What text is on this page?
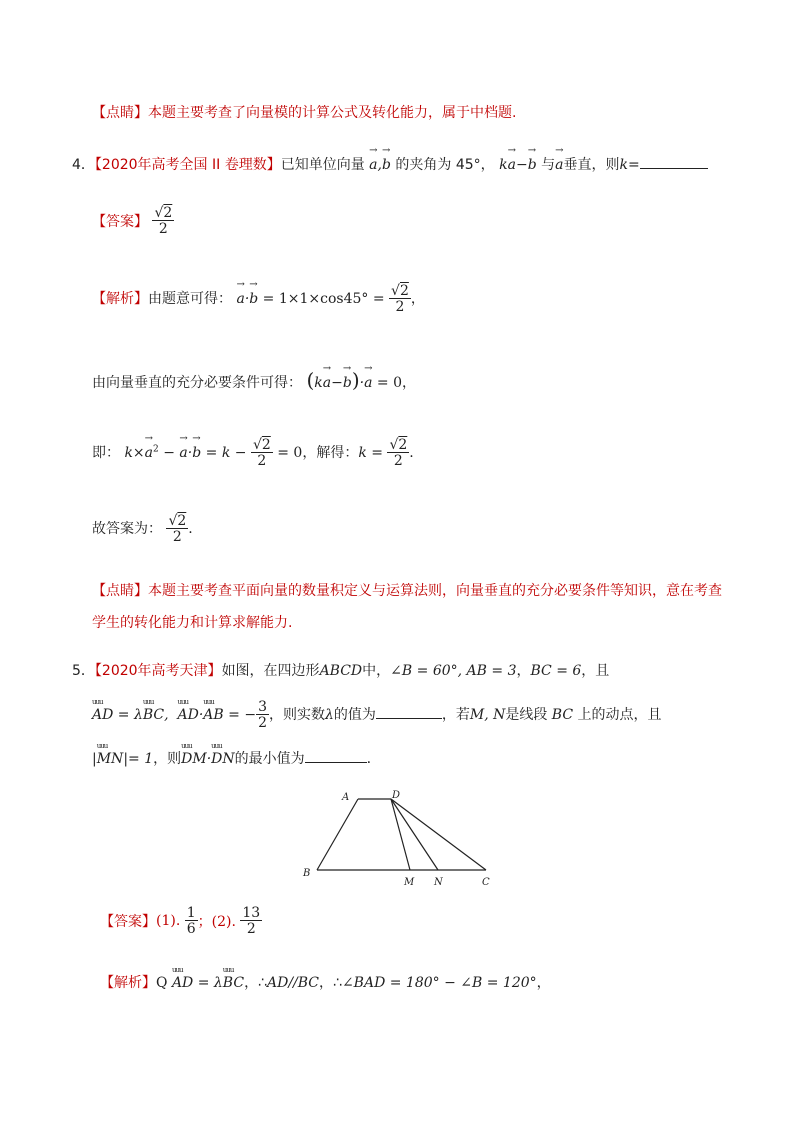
【点睛】本题主要考查了向量模的计算公式及转化能力，属于中档题.
4．【2020年高考全国 II 卷理数】已知单位向量 → a,→ b 的夹角为 45°， k→ a−→ b 与→ a垂直，则k=
【答案】 $\frac{√2}{2}$
【解析】由题意可得： → $a\cdot\to b = 1\times 1\times\cos 45^\circ = \frac{√2}{2}$ ，
由向量垂直的充分必要条件可得： (k→ a−→ b)·→ a = 0，
即： $k\times\to a^2$ − → $a\cdot\to b = k - \frac{√2}{2} = 0$，解得：$k = \frac{√2}{2}$ .
故答案为： $\frac{√2}{2}$ .
【点睛】本题主要考查平面向量的数量积定义与运算法则，向量垂直的充分必要条件等知识，意在考查
学生的转化能力和计算求解能力.
5．【2020年高考天津】如图，在四边形ABCD中，∠B = 60°, AB = 3，BC = 6，且
uuu AD = λuuu BC,  uuu AD·uuu AB = − $\frac{3}{2}$ ，则实数λ的值为	，若M, N是线段 BC 上的动点，且
|uuu MN|= 1，则uuu DM·uuu DN的最小值为	.
A	D
B
M N	C
【答案】(1). $\frac{1}{6}$ ；(2). $\frac{13}{2}$
【解析】Q uuu AD = λuuu BC，∴AD//BC，∴∠BAD = 180° − ∠B = 120°，
